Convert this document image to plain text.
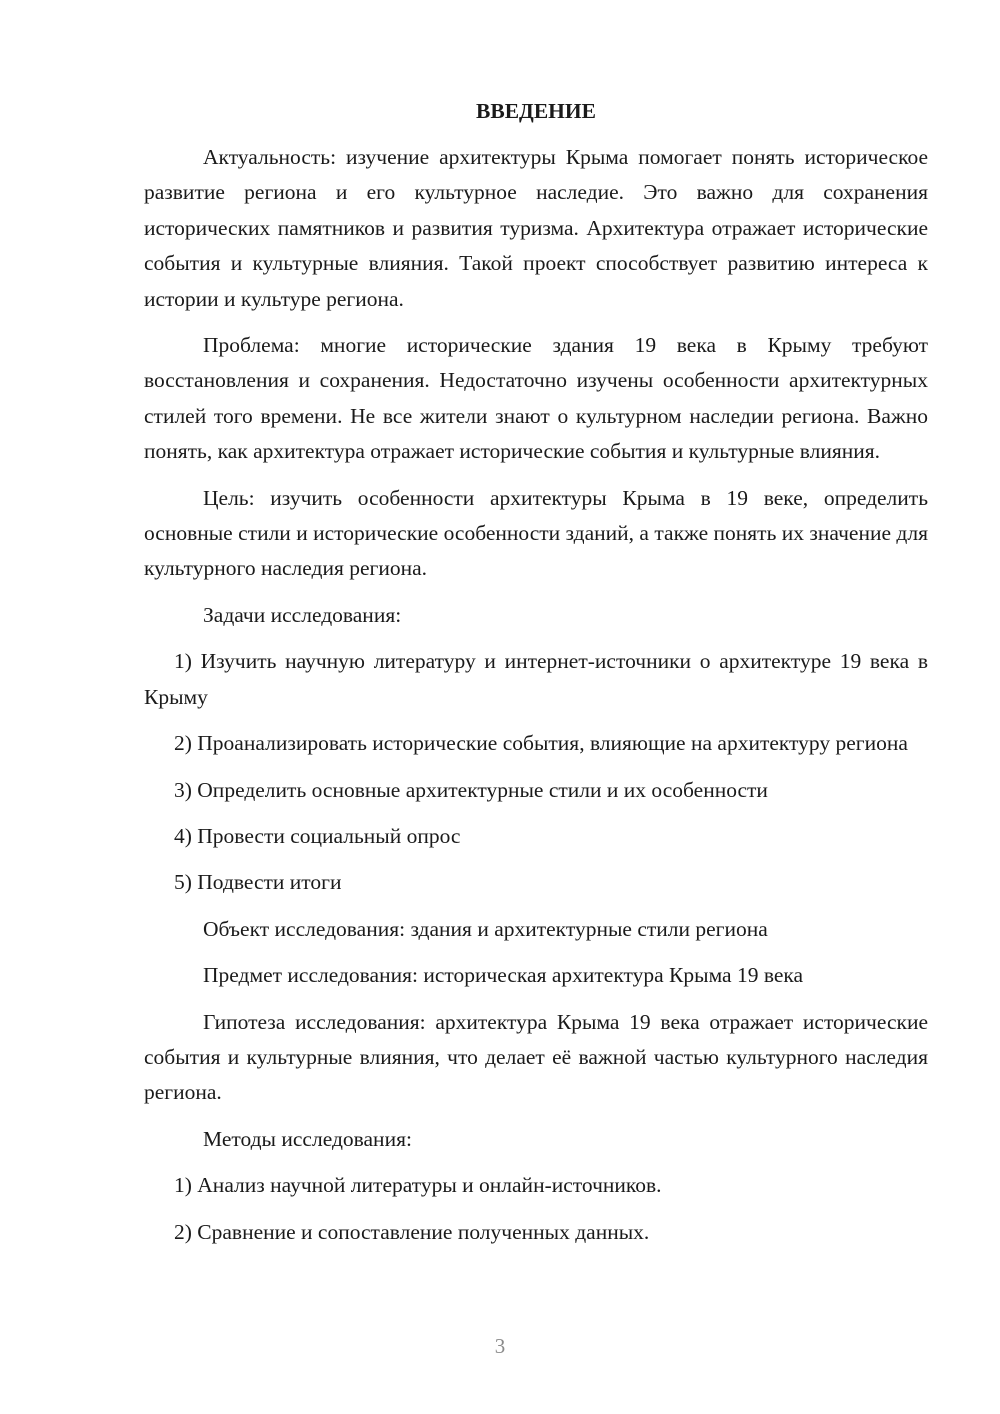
ВВЕДЕНИЕ

Актуальность: изучение архитектуры Крыма помогает понять историческое развитие региона и его культурное наследие. Это важно для сохранения исторических памятников и развития туризма. Архитектура отражает исторические события и культурные влияния. Такой проект способствует развитию интереса к истории и культуре региона.

Проблема: многие исторические здания 19 века в Крыму требуют восстановления и сохранения. Недостаточно изучены особенности архитектурных стилей того времени. Не все жители знают о культурном наследии региона. Важно понять, как архитектура отражает исторические события и культурные влияния.

Цель: изучить особенности архитектуры Крыма в 19 веке, определить основные стили и исторические особенности зданий, а также понять их значение для культурного наследия региона.

Задачи исследования:

1) Изучить научную литературу и интернет-источники о архитектуре 19 века в Крыму

2) Проанализировать исторические события, влияющие на архитектуру региона

3) Определить основные архитектурные стили и их особенности

4) Провести социальный опрос

5) Подвести итоги

Объект исследования: здания и архитектурные стили региона

Предмет исследования: историческая архитектура Крыма 19 века

Гипотеза исследования: архитектура Крыма 19 века отражает исторические события и культурные влияния, что делает её важной частью культурного наследия региона.

Методы исследования:

1) Анализ научной литературы и онлайн-источников.

2) Сравнение и сопоставление полученных данных.

3
